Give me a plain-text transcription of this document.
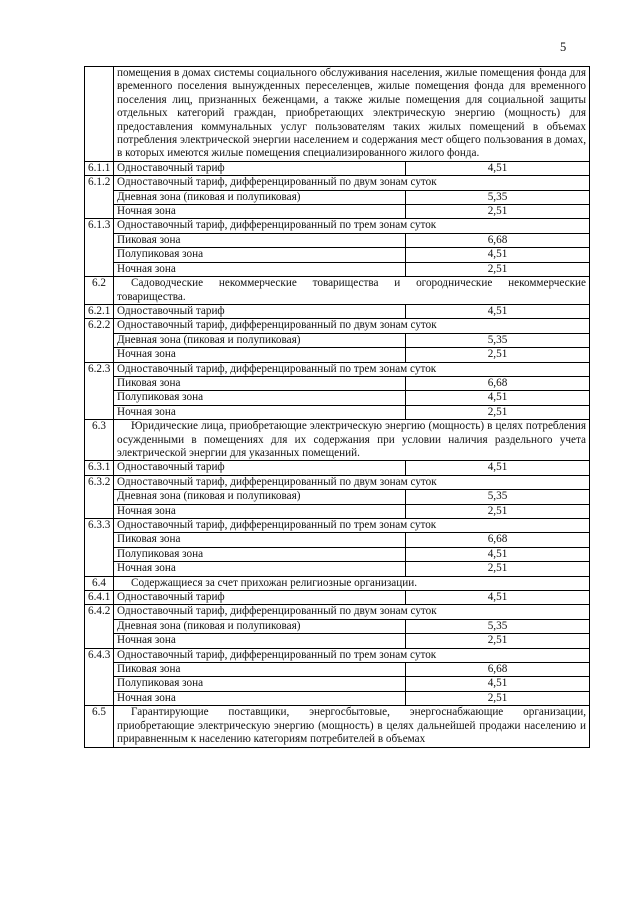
5
	помещения в домах системы социального обслуживания населения, жилые помещения фонда для временного поселения вынужденных переселенцев, жилые помещения фонда для временного поселения лиц, признанных беженцами, а также жилые помещения для социальной защиты отдельных категорий граждан, приобретающих электрическую энергию (мощность) для предоставления коммунальных услуг пользователям таких жилых помещений в объемах потребления электрической энергии населением и содержания мест общего пользования в домах, в которых имеются жилые помещения специализированного жилого фонда.	
6.1.1	Одноставочный тариф	4,51
6.1.2	Одноставочный тариф, дифференцированный по двум зонам суток	
	Дневная зона (пиковая и полупиковая)	5,35
	Ночная зона	2,51
6.1.3	Одноставочный тариф, дифференцированный по трем зонам суток	
	Пиковая зона	6,68
	Полупиковая зона	4,51
	Ночная зона	2,51
6.2	Садоводческие некоммерческие товарищества и огороднические некоммерческие товарищества.	

6.2.1	Одноставочный тариф	4,51
6.2.2	Одноставочный тариф, дифференцированный по двум зонам суток	
	Дневная зона (пиковая и полупиковая)	5,35
	Ночная зона	2,51
6.2.3	Одноставочный тариф, дифференцированный по трем зонам суток	
	Пиковая зона	6,68
	Полупиковая зона	4,51
	Ночная зона	2,51
6.3	Юридические лица, приобретающие электрическую энергию (мощность) в целях потребления осужденными в помещениях для их содержания при условии наличия раздельного учета электрической энергии для указанных помещений.	

6.3.1	Одноставочный тариф	4,51
6.3.2	Одноставочный тариф, дифференцированный по двум зонам суток	
	Дневная зона (пиковая и полупиковая)	5,35
	Ночная зона	2,51
6.3.3	Одноставочный тариф, дифференцированный по трем зонам суток	
	Пиковая зона	6,68
	Полупиковая зона	4,51
	Ночная зона	2,51
6.4	Содержащиеся за счет прихожан религиозные организации.	

6.4.1	Одноставочный тариф	4,51
6.4.2	Одноставочный тариф, дифференцированный по двум зонам суток	
	Дневная зона (пиковая и полупиковая)	5,35
	Ночная зона	2,51
6.4.3	Одноставочный тариф, дифференцированный по трем зонам суток	
	Пиковая зона	6,68
	Полупиковая зона	4,51
	Ночная зона	2,51
6.5	Гарантирующие поставщики, энергосбытовые, энергоснабжающие организации, приобретающие электрическую энергию (мощность) в целях дальнейшей продажи населению и приравненным к населению категориям потребителей в объемах	
